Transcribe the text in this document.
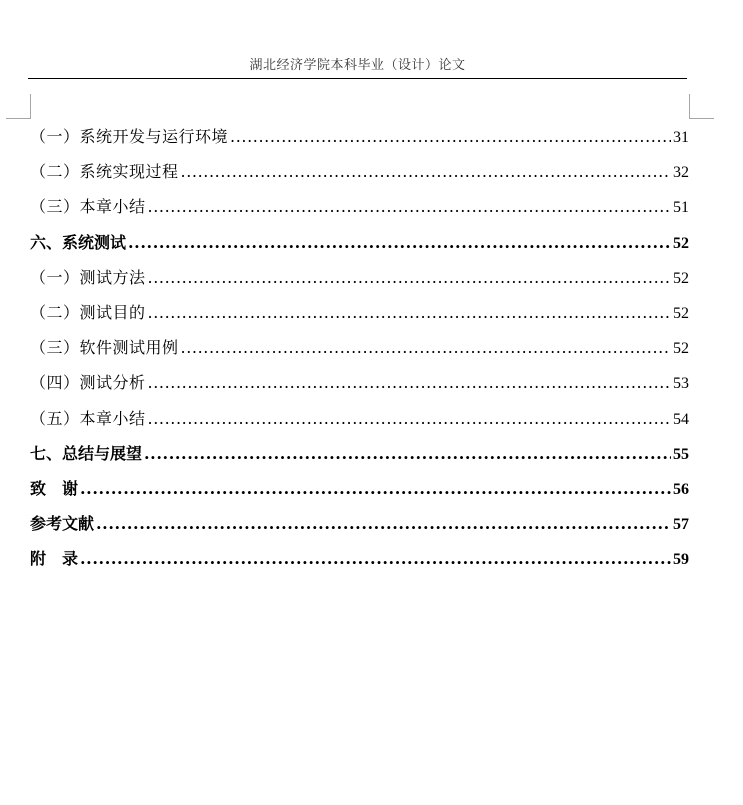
湖北经济学院本科毕业（设计）论文
（一）系统开发与运行环境 .....	31
（二）系统实现过程 .....	32
（三）本章小结 .....	51
六、系统测试 .....	52
（一）测试方法 .....	52
（二）测试目的 .....	52
（三）软件测试用例 .....	52
（四）测试分析 .....	53
（五）本章小结 .....	54
七、总结与展望 .....	55
致　谢 .....	56
参考文献 .....	57
附　录 .....	59
